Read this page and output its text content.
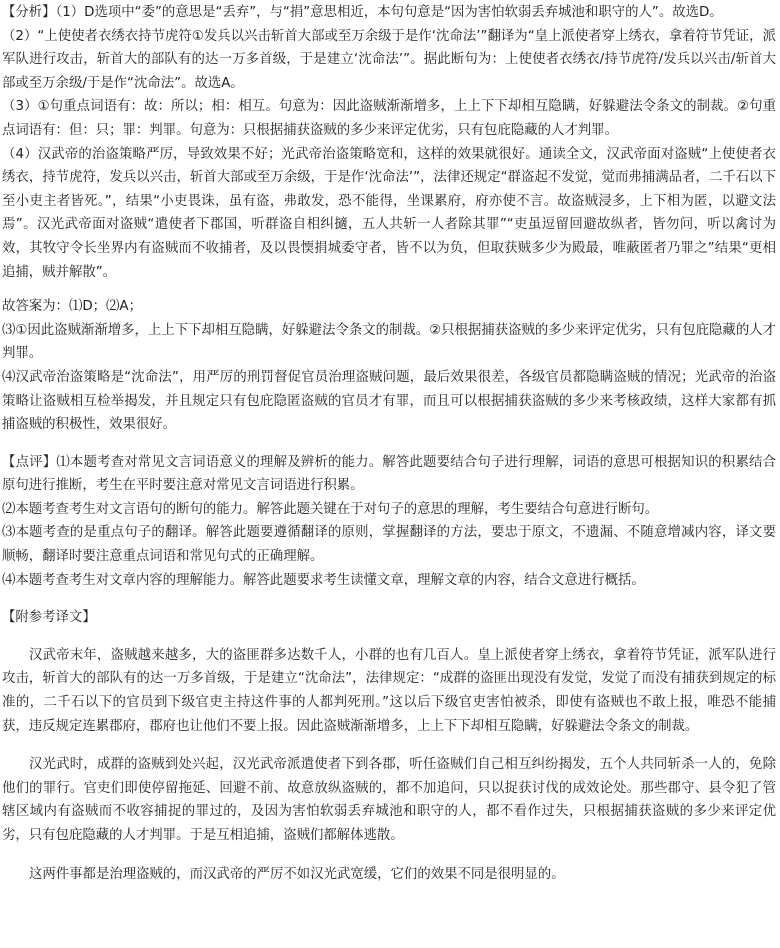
【分析】（1）D选项中“委”的意思是“丢弃”，与“捐”意思相近，本句句意是“因为害怕软弱丢弃城池和职守的人”。故选D。

（2）“上使使者衣绣衣持节虎符①发兵以兴击斩首大部或至万余级于是作‘沈命法’”翻译为“皇上派使者穿上绣衣，拿着符节凭证，派军队进行攻击，斩首大的部队有的达一万多首级，于是建立‘沈命法’”。据此断句为：上使使者衣绣衣/持节虎符/发兵以兴击/斩首大部或至万余级/于是作“沈命法”。故选A。

（3）①句重点词语有：故：所以；相：相互。句意为：因此盗贼渐渐增多，上上下下却相互隐瞒，好躲避法令条文的制裁。②句重点词语有：但：只；罪：判罪。句意为：只根据捕获盗贼的多少来评定优劣，只有包庇隐藏的人才判罪。

（4）汉武帝的治盗策略严厉，导致效果不好；光武帝治盗策略宽和，这样的效果就很好。通读全文，汉武帝面对盗贼“上使使者衣绣衣，持节虎符，发兵以兴击，斩首大部或至万余级，于是作‘沈命法’”，法律还规定“群盗起不发觉，觉而弗捕满品者，二千石以下至小吏主者皆死。”，结果“小吏畏诛，虽有盗，弗敢发，恐不能得，坐课累府，府亦使不言。故盗贼浸多，上下相为匿，以避文法焉”。汉光武帝面对盗贼“遣使者下郡国，听群盗自相纠擿，五人共斩一人者除其罪”“吏虽逗留回避故纵者，皆勿问，听以禽讨为效，其牧守令长坐界内有盗贼而不收捕者，及以畏愞捐城委守者，皆不以为负，但取获贼多少为殿最，唯蔽匿者乃罪之”结果“更相追捕，贼并解散”。

故答案为：⑴D；⑵A；

⑶①因此盗贼渐渐增多，上上下下却相互隐瞒，好躲避法令条文的制裁。②只根据捕获盗贼的多少来评定优劣，只有包庇隐藏的人才判罪。

⑷汉武帝治盗策略是“沈命法”，用严厉的刑罚督促官员治理盗贼问题，最后效果很差，各级官员都隐瞒盗贼的情况；光武帝的治盗策略让盗贼相互检举揭发，并且规定只有包庇隐匿盗贼的官员才有罪，而且可以根据捕获盗贼的多少来考核政绩，这样大家都有抓捕盗贼的积极性，效果很好。

【点评】⑴本题考查对常见文言词语意义的理解及辨析的能力。解答此题要结合句子进行理解，词语的意思可根据知识的积累结合原句进行推断，考生在平时要注意对常见文言词语进行积累。

⑵本题考查考生对文言语句的断句的能力。解答此题关键在于对句子的意思的理解，考生要结合句意进行断句。

⑶本题考查的是重点句子的翻译。解答此题要遵循翻译的原则，掌握翻译的方法，要忠于原文，不遗漏、不随意增减内容，译文要顺畅，翻译时要注意重点词语和常见句式的正确理解。

⑷本题考查考生对文章内容的理解能力。解答此题要求考生读懂文章，理解文章的内容，结合文意进行概括。

【附参考译文】

汉武帝末年，盗贼越来越多，大的盗匪群多达数千人，小群的也有几百人。皇上派使者穿上绣衣，拿着符节凭证，派军队进行攻击，斩首大的部队有的达一万多首级，于是建立“沈命法”，法律规定：“成群的盗匪出现没有发觉，发觉了而没有捕获到规定的标准的，二千石以下的官员到下级官吏主持这件事的人都判死刑。”这以后下级官吏害怕被杀，即使有盗贼也不敢上报，唯恐不能捕获，违反规定连累郡府，郡府也让他们不要上报。因此盗贼渐渐增多，上上下下却相互隐瞒，好躲避法令条文的制裁。

汉光武时，成群的盗贼到处兴起，汉光武帝派遣使者下到各郡，听任盗贼们自己相互纠纷揭发，五个人共同斩杀一人的，免除他们的罪行。官吏们即使停留拖延、回避不前、故意放纵盗贼的，都不加追问，只以捉获讨伐的成效论处。那些郡守、县令犯了管辖区域内有盗贼而不收容捕捉的罪过的，及因为害怕软弱丢弃城池和职守的人，都不看作过失，只根据捕获盗贼的多少来评定优劣，只有包庇隐藏的人才判罪。于是互相追捕，盗贼们都解体逃散。

这两件事都是治理盗贼的，而汉武帝的严厉不如汉光武宽缓，它们的效果不同是很明显的。
